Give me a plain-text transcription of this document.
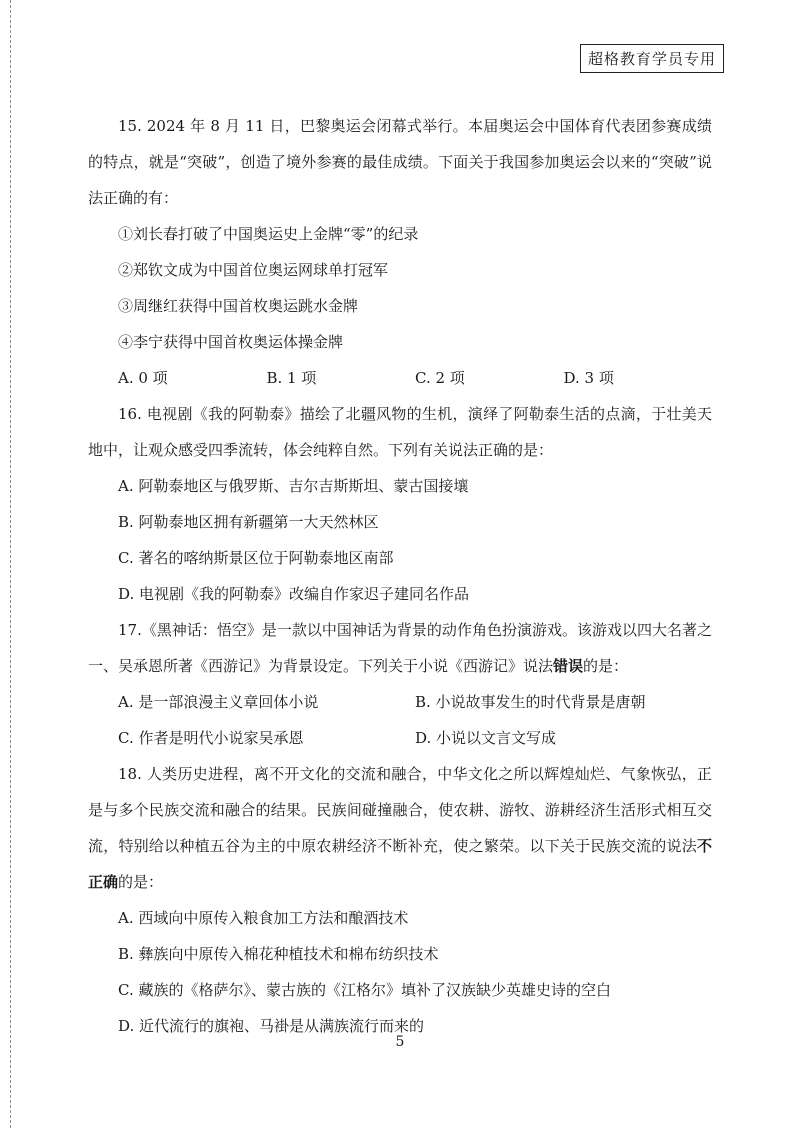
超格教育学员专用

15. 2024 年 8 月 11 日，巴黎奥运会闭幕式举行。本届奥运会中国体育代表团参赛成绩的特点，就是“突破”，创造了境外参赛的最佳成绩。下面关于我国参加奥运会以来的“突破”说法正确的有：

①刘长春打破了中国奥运史上金牌“零”的纪录

②郑钦文成为中国首位奥运网球单打冠军

③周继红获得中国首枚奥运跳水金牌

④李宁获得中国首枚奥运体操金牌

A. 0 项	B. 1 项	C. 2 项	D. 3 项

16. 电视剧《我的阿勒泰》描绘了北疆风物的生机，演绎了阿勒泰生活的点滴，于壮美天地中，让观众感受四季流转，体会纯粹自然。下列有关说法正确的是：

A. 阿勒泰地区与俄罗斯、吉尔吉斯斯坦、蒙古国接壤

B. 阿勒泰地区拥有新疆第一大天然林区

C. 著名的喀纳斯景区位于阿勒泰地区南部

D. 电视剧《我的阿勒泰》改编自作家迟子建同名作品

17.《黑神话：悟空》是一款以中国神话为背景的动作角色扮演游戏。该游戏以四大名著之一、吴承恩所著《西游记》为背景设定。下列关于小说《西游记》说法错误的是：

A. 是一部浪漫主义章回体小说	B. 小说故事发生的时代背景是唐朝
C. 作者是明代小说家吴承恩	D. 小说以文言文写成

18. 人类历史进程，离不开文化的交流和融合，中华文化之所以辉煌灿烂、气象恢弘，正是与多个民族交流和融合的结果。民族间碰撞融合，使农耕、游牧、游耕经济生活形式相互交流，特别给以种植五谷为主的中原农耕经济不断补充，使之繁荣。以下关于民族交流的说法不正确的是：

A. 西域向中原传入粮食加工方法和酿酒技术

B. 彝族向中原传入棉花种植技术和棉布纺织技术

C. 藏族的《格萨尔》、蒙古族的《江格尔》填补了汉族缺少英雄史诗的空白

D. 近代流行的旗袍、马褂是从满族流行而来的

5
